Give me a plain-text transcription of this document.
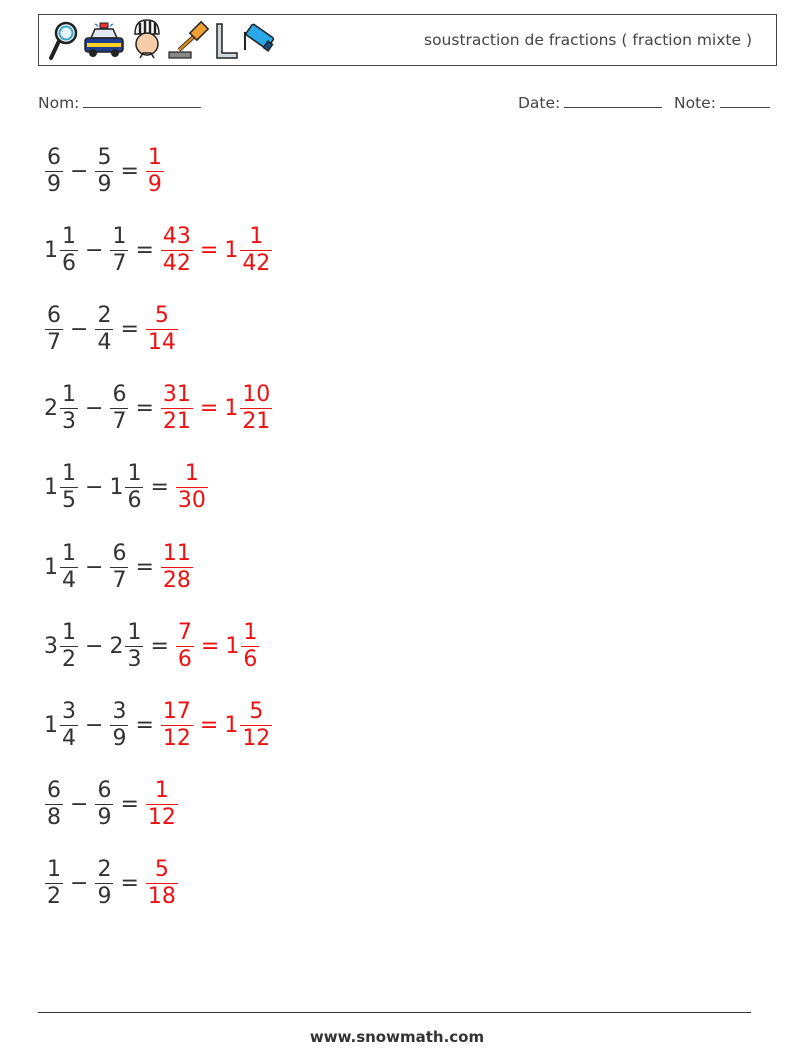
soustraction de fractions ( fraction mixte )
Nom:	Date:	Note:
$\frac{6}{9} - \frac{5}{9} = \frac{1}{9}$
$1 \frac{1}{6} - \frac{1}{7} = \frac{43}{42} = 1 \frac{1}{42}$
$\frac{6}{7} - \frac{2}{4} = \frac{5}{14}$
$2 \frac{1}{3} - \frac{6}{7} = \frac{31}{21} = 1 \frac{10}{21}$
$1 \frac{1}{5} - 1 \frac{1}{6} = \frac{1}{30}$
$1 \frac{1}{4} - \frac{6}{7} = \frac{11}{28}$
$3 \frac{1}{2} - 2 \frac{1}{3} = \frac{7}{6} = 1 \frac{1}{6}$
$1 \frac{3}{4} - \frac{3}{9} = \frac{17}{12} = 1 \frac{5}{12}$
$\frac{6}{8} - \frac{6}{9} = \frac{1}{12}$
$\frac{1}{2} - \frac{2}{9} = \frac{5}{18}$
www.snowmath.com
